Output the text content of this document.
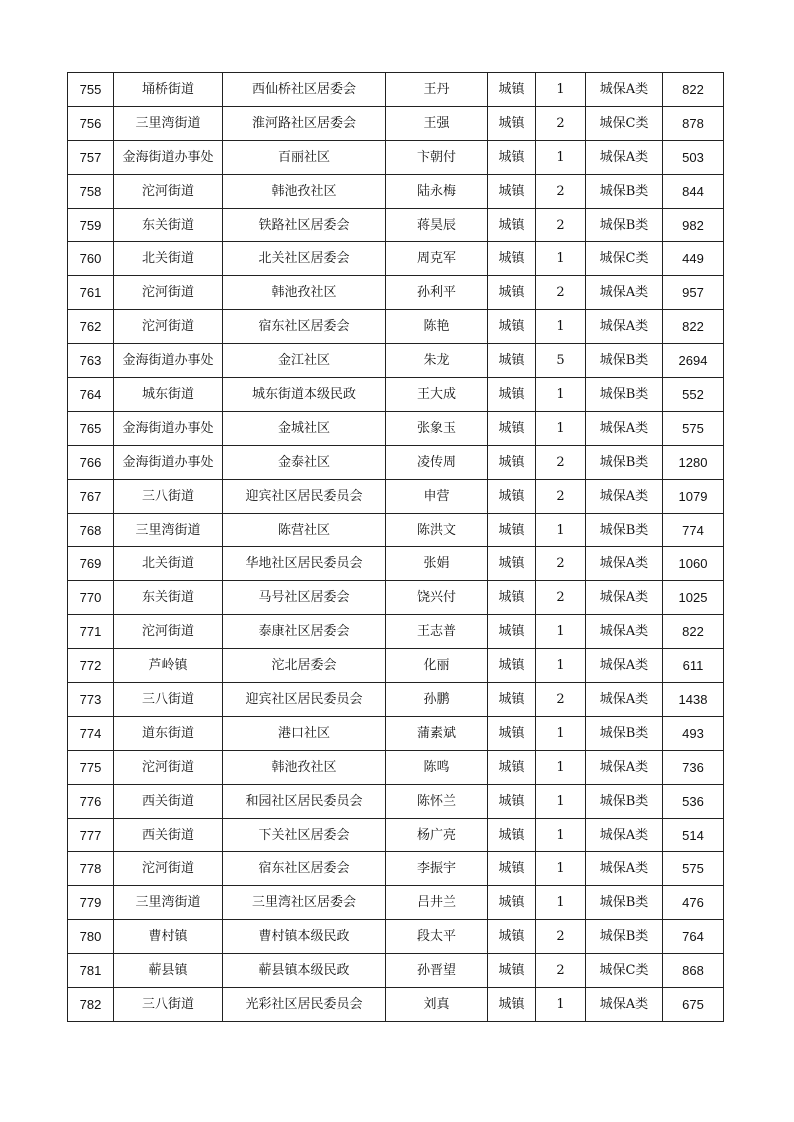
755	埇桥街道	西仙桥社区居委会	王丹	城镇	1	城保A类	822
756	三里湾街道	淮河路社区居委会	王强	城镇	2	城保C类	878
757	金海街道办事处	百丽社区	卞朝付	城镇	1	城保A类	503
758	沱河街道	韩池孜社区	陆永梅	城镇	2	城保B类	844
759	东关街道	铁路社区居委会	蒋昊辰	城镇	2	城保B类	982
760	北关街道	北关社区居委会	周克军	城镇	1	城保C类	449
761	沱河街道	韩池孜社区	孙利平	城镇	2	城保A类	957
762	沱河街道	宿东社区居委会	陈艳	城镇	1	城保A类	822
763	金海街道办事处	金江社区	朱龙	城镇	5	城保B类	2694
764	城东街道	城东街道本级民政	王大成	城镇	1	城保B类	552
765	金海街道办事处	金城社区	张象玉	城镇	1	城保A类	575
766	金海街道办事处	金泰社区	凌传周	城镇	2	城保B类	1280
767	三八街道	迎宾社区居民委员会	申营	城镇	2	城保A类	1079
768	三里湾街道	陈营社区	陈洪文	城镇	1	城保B类	774
769	北关街道	华地社区居民委员会	张娟	城镇	2	城保A类	1060
770	东关街道	马号社区居委会	饶兴付	城镇	2	城保A类	1025
771	沱河街道	泰康社区居委会	王志普	城镇	1	城保A类	822
772	芦岭镇	沱北居委会	化丽	城镇	1	城保A类	611
773	三八街道	迎宾社区居民委员会	孙鹏	城镇	2	城保A类	1438
774	道东街道	港口社区	蒲素斌	城镇	1	城保B类	493
775	沱河街道	韩池孜社区	陈鸣	城镇	1	城保A类	736
776	西关街道	和园社区居民委员会	陈怀兰	城镇	1	城保B类	536
777	西关街道	下关社区居委会	杨广亮	城镇	1	城保A类	514
778	沱河街道	宿东社区居委会	李振宇	城镇	1	城保A类	575
779	三里湾街道	三里湾社区居委会	吕井兰	城镇	1	城保B类	476
780	曹村镇	曹村镇本级民政	段太平	城镇	2	城保B类	764
781	蕲县镇	蕲县镇本级民政	孙晋望	城镇	2	城保C类	868
782	三八街道	光彩社区居民委员会	刘真	城镇	1	城保A类	675
